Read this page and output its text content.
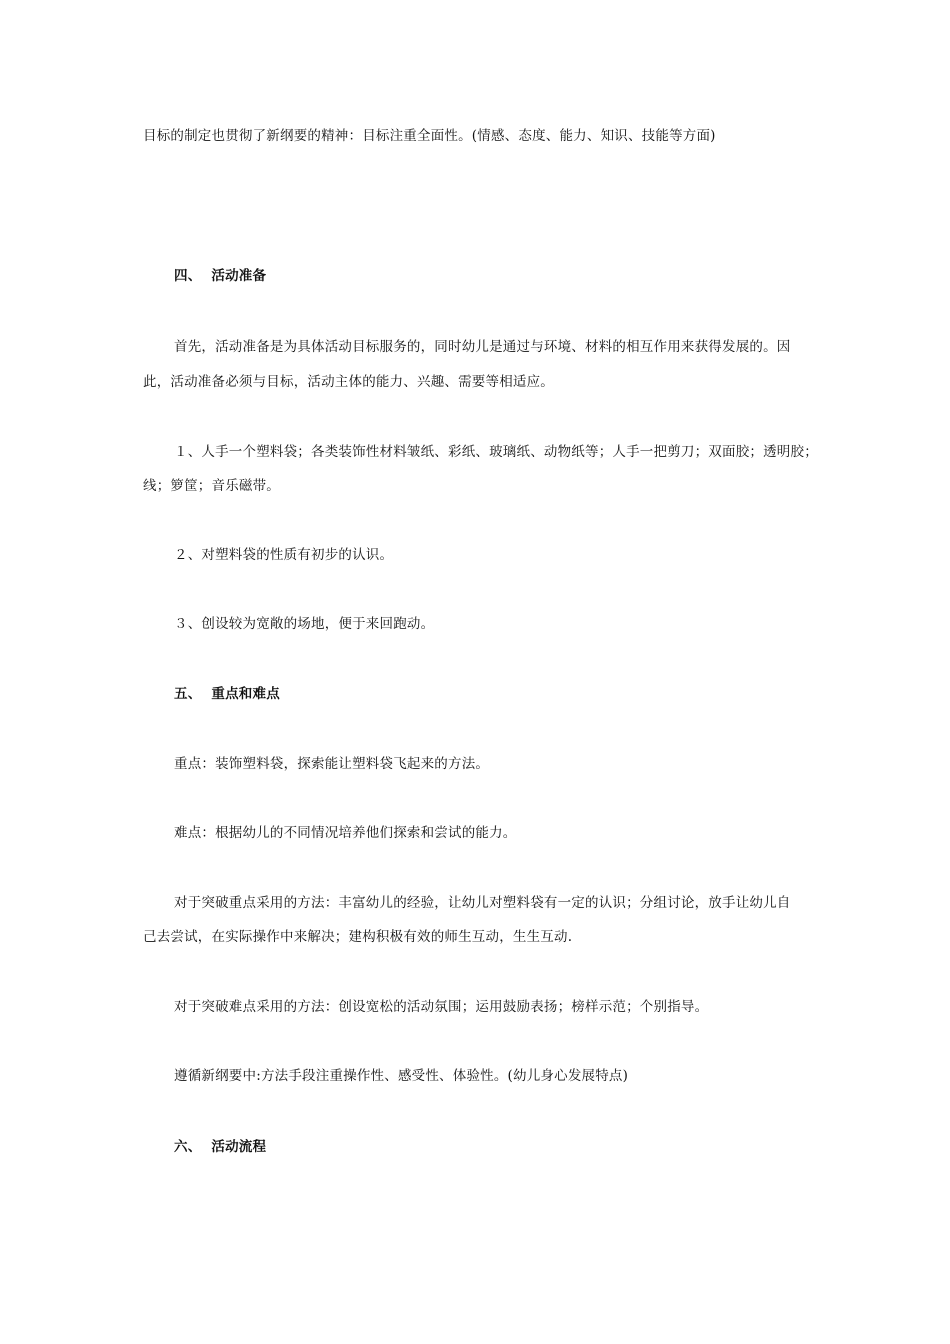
目标的制定也贯彻了新纲要的精神：目标注重全面性。(情感、态度、能力、知识、技能等方面)
四、 活动准备
首先，活动准备是为具体活动目标服务的，同时幼儿是通过与环境、材料的相互作用来获得发展的。因
此，活动准备必须与目标，活动主体的能力、兴趣、需要等相适应。
１、人手一个塑料袋；各类装饰性材料皱纸、彩纸、玻璃纸、动物纸等；人手一把剪刀；双面胶；透明胶；
线；箩筐；音乐磁带。
２、对塑料袋的性质有初步的认识。
３、创设较为宽敞的场地，便于来回跑动。
五、 重点和难点
重点：装饰塑料袋，探索能让塑料袋飞起来的方法。
难点：根据幼儿的不同情况培养他们探索和尝试的能力。
对于突破重点采用的方法：丰富幼儿的经验，让幼儿对塑料袋有一定的认识；分组讨论，放手让幼儿自
己去尝试，在实际操作中来解决；建构积极有效的师生互动，生生互动.
对于突破难点采用的方法：创设宽松的活动氛围；运用鼓励表扬；榜样示范；个别指导。
遵循新纲要中:方法手段注重操作性、感受性、体验性。(幼儿身心发展特点)
六、 活动流程
